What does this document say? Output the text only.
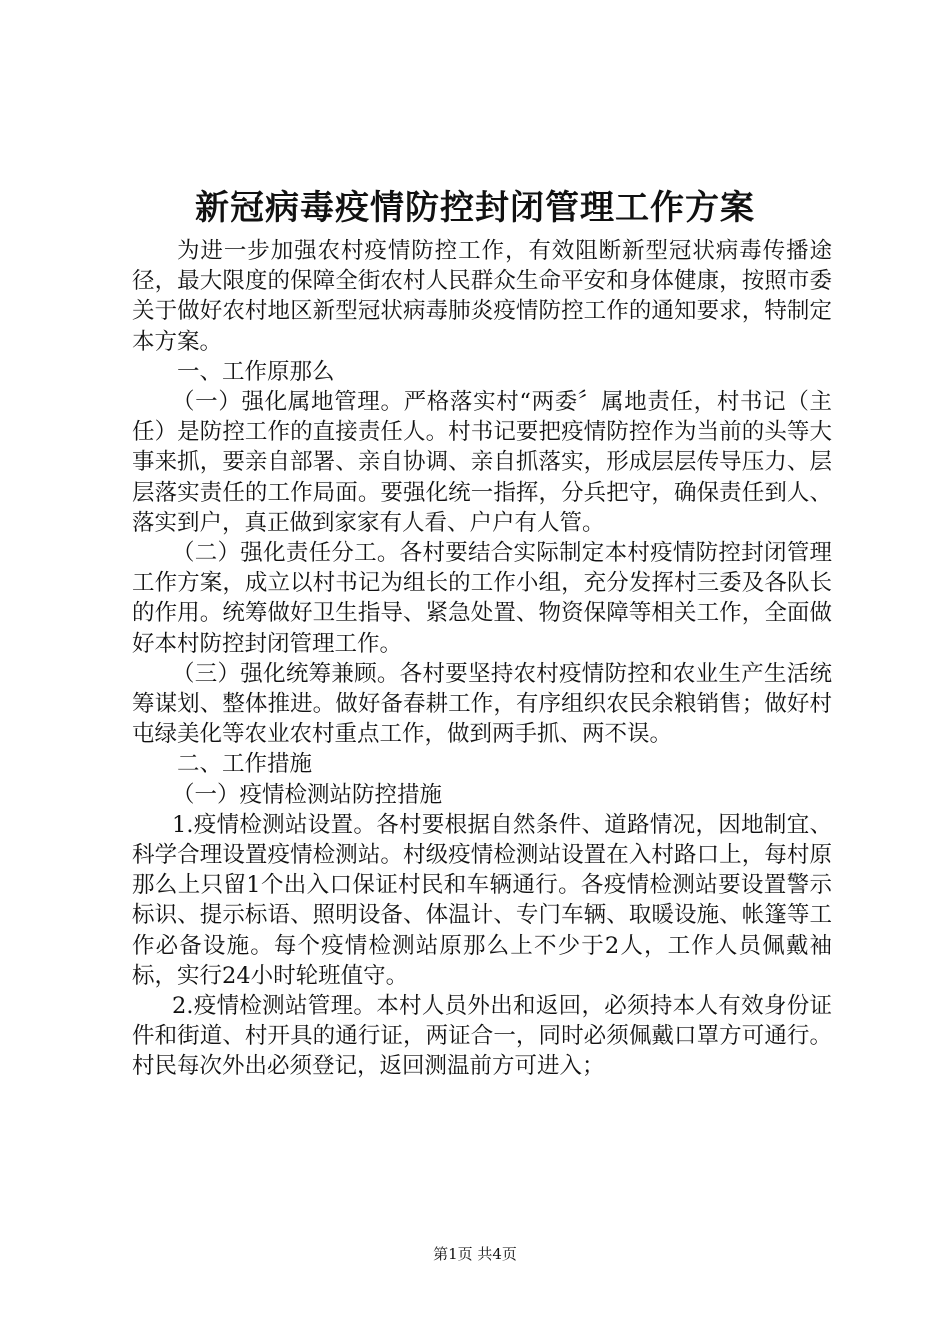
新冠病毒疫情防控封闭管理工作方案

为进一步加强农村疫情防控工作，有效阻断新型冠状病毒传播途径，最大限度的保障全街农村人民群众生命平安和身体健康，按照市委关于做好农村地区新型冠状病毒肺炎疫情防控工作的通知要求，特制定本方案。

一、工作原那么

（一）强化属地管理。严格落实村“两委〞属地责任，村书记（主任）是防控工作的直接责任人。村书记要把疫情防控作为当前的头等大事来抓，要亲自部署、亲自协调、亲自抓落实，形成层层传导压力、层层落实责任的工作局面。要强化统一指挥，分兵把守，确保责任到人、落实到户，真正做到家家有人看、户户有人管。

（二）强化责任分工。各村要结合实际制定本村疫情防控封闭管理工作方案，成立以村书记为组长的工作小组，充分发挥村三委及各队长的作用。统筹做好卫生指导、紧急处置、物资保障等相关工作，全面做好本村防控封闭管理工作。

（三）强化统筹兼顾。各村要坚持农村疫情防控和农业生产生活统筹谋划、整体推进。做好备春耕工作，有序组织农民余粮销售；做好村屯绿美化等农业农村重点工作，做到两手抓、两不误。

二、工作措施

（一）疫情检测站防控措施

1.疫情检测站设置。各村要根据自然条件、道路情况，因地制宜、科学合理设置疫情检测站。村级疫情检测站设置在入村路口上，每村原那么上只留1个出入口保证村民和车辆通行。各疫情检测站要设置警示标识、提示标语、照明设备、体温计、专门车辆、取暖设施、帐篷等工作必备设施。每个疫情检测站原那么上不少于2人，工作人员佩戴袖标，实行24小时轮班值守。

2.疫情检测站管理。本村人员外出和返回，必须持本人有效身份证件和街道、村开具的通行证，两证合一，同时必须佩戴口罩方可通行。村民每次外出必须登记，返回测温前方可进入；

第1页 共4页
